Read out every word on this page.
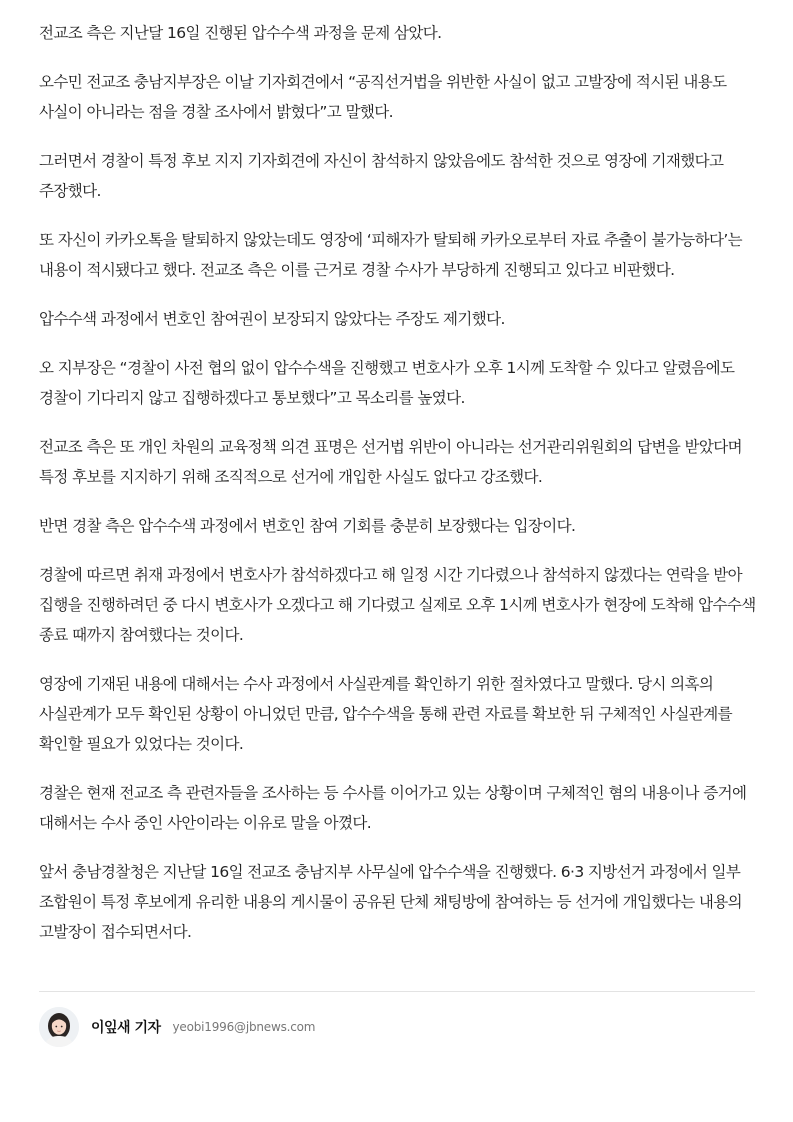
전교조 측은 지난달 16일 진행된 압수수색 과정을 문제 삼았다.

오수민 전교조 충남지부장은 이날 기자회견에서 “공직선거법을 위반한 사실이 없고 고발장에 적시된 내용도 사실이 아니라는 점을 경찰 조사에서 밝혔다”고 말했다.

그러면서 경찰이 특정 후보 지지 기자회견에 자신이 참석하지 않았음에도 참석한 것으로 영장에 기재했다고 주장했다.

또 자신이 카카오톡을 탈퇴하지 않았는데도 영장에 ‘피해자가 탈퇴해 카카오로부터 자료 추출이 불가능하다’는 내용이 적시됐다고 했다. 전교조 측은 이를 근거로 경찰 수사가 부당하게 진행되고 있다고 비판했다.

압수수색 과정에서 변호인 참여권이 보장되지 않았다는 주장도 제기했다.

오 지부장은 “경찰이 사전 협의 없이 압수수색을 진행했고 변호사가 오후 1시께 도착할 수 있다고 알렸음에도 경찰이 기다리지 않고 집행하겠다고 통보했다”고 목소리를 높였다.

전교조 측은 또 개인 차원의 교육정책 의견 표명은 선거법 위반이 아니라는 선거관리위원회의 답변을 받았다며 특정 후보를 지지하기 위해 조직적으로 선거에 개입한 사실도 없다고 강조했다.

반면 경찰 측은 압수수색 과정에서 변호인 참여 기회를 충분히 보장했다는 입장이다.

경찰에 따르면 취재 과정에서 변호사가 참석하겠다고 해 일정 시간 기다렸으나 참석하지 않겠다는 연락을 받아 집행을 진행하려던 중 다시 변호사가 오겠다고 해 기다렸고 실제로 오후 1시께 변호사가 현장에 도착해 압수수색 종료 때까지 참여했다는 것이다.

영장에 기재된 내용에 대해서는 수사 과정에서 사실관계를 확인하기 위한 절차였다고 말했다. 당시 의혹의 사실관계가 모두 확인된 상황이 아니었던 만큼, 압수수색을 통해 관련 자료를 확보한 뒤 구체적인 사실관계를 확인할 필요가 있었다는 것이다.

경찰은 현재 전교조 측 관련자들을 조사하는 등 수사를 이어가고 있는 상황이며 구체적인 혐의 내용이나 증거에 대해서는 수사 중인 사안이라는 이유로 말을 아꼈다.

앞서 충남경찰청은 지난달 16일 전교조 충남지부 사무실에 압수수색을 진행했다. 6·3 지방선거 과정에서 일부 조합원이 특정 후보에게 유리한 내용의 게시물이 공유된 단체 채팅방에 참여하는 등 선거에 개입했다는 내용의 고발장이 접수되면서다.

이잎새 기자 yeobi1996@jbnews.com
